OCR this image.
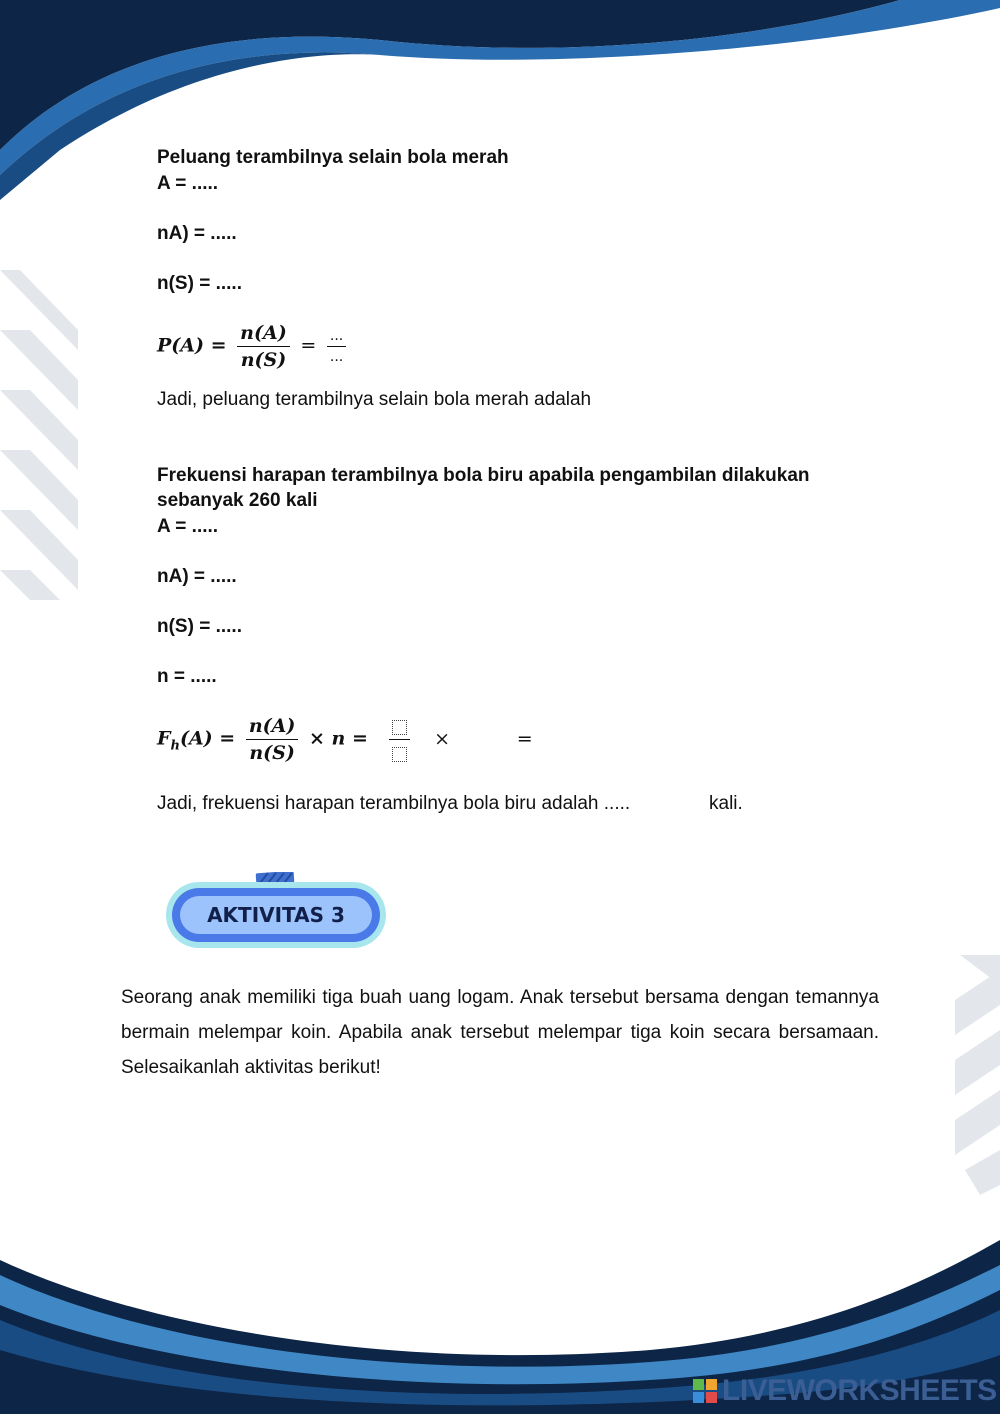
Peluang terambilnya selain bola merah
A = .....
nA) = .....
n(S) = .....
$P(A) = \frac{n(A)}{n(S)} = \frac{...}{...}$
Jadi, peluang terambilnya selain bola merah adalah
Frekuensi harapan terambilnya bola biru apabila pengambilan dilakukan
sebanyak 260 kali
A = .....
nA) = .....
n(S) = .....
n = .....
$F_h(A) = \frac{n(A)}{n(S)} \times n$ =	×	=
Jadi, frekuensi harapan terambilnya bola biru adalah .....	kali.
AKTIVITAS 3
Seorang anak memiliki tiga buah uang logam. Anak tersebut bersama dengan temannya bermain melempar koin. Apabila anak tersebut melempar tiga koin secara bersamaan. Selesaikanlah aktivitas berikut!
LIVEWORKSHEETS
